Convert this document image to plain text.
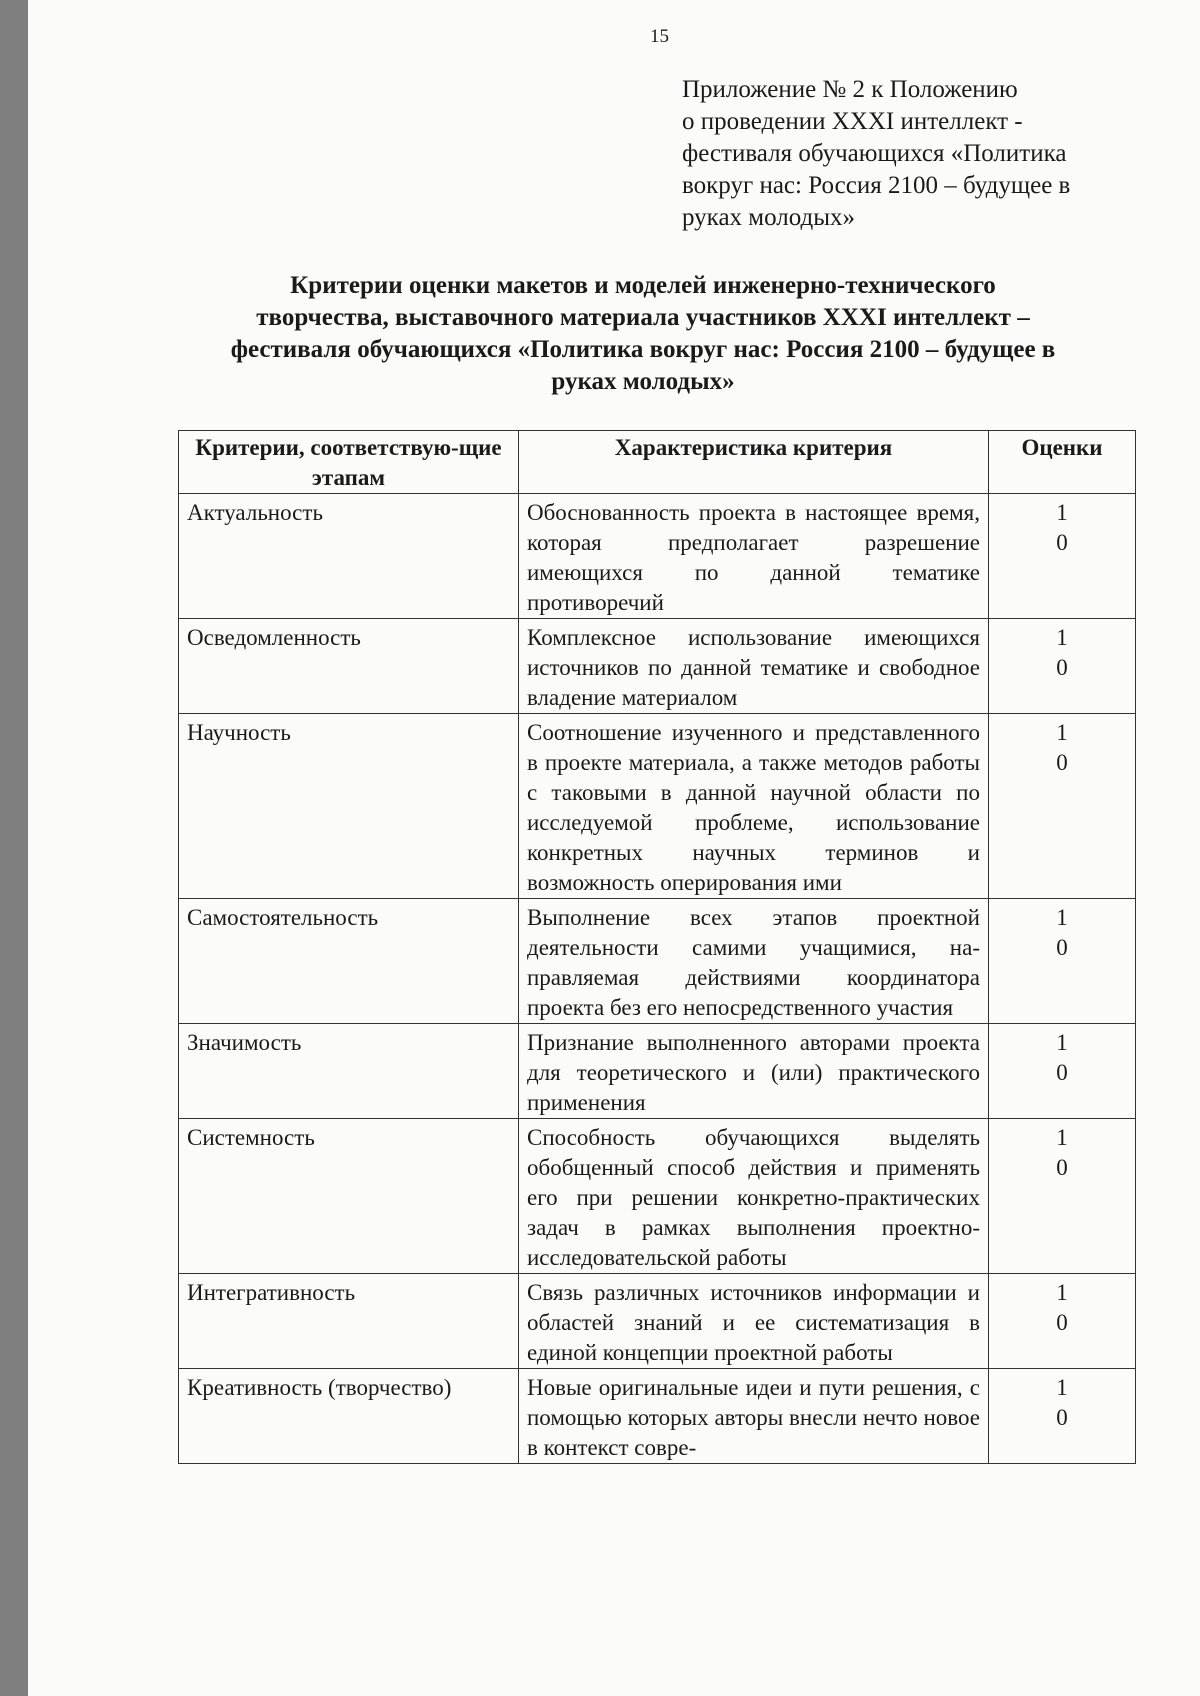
15
Приложение № 2 к Положению
о проведении XXXI интеллект -
фестиваля обучающихся «Политика
вокруг нас: Россия 2100 – будущее в
руках молодых»
Критерии оценки макетов и моделей инженерно-технического
творчества, выставочного материала участников XXXI интеллект –
фестиваля обучающихся «Политика вокруг нас: Россия 2100 – будущее в
руках молодых»
Критерии, соответствую-щие этапам	Характеристика критерия	Оценки
Актуальность	Обоснованность проекта в настоящее время, которая предполагает разрешение имеющихся по данной тематике противоречий	1
0

Осведомленность	Комплексное использование имеющихся источников по данной тематике и свободное владение материалом	1
0

Научность	Соотношение изученного и представленного в проекте материала, а также методов работы с таковыми в данной научной области по исследуемой проблеме, использование конкретных научных терминов и возможность оперирования ими	1
0

Самостоятельность	Выполнение всех этапов проектной деятельности самими учащимися, направляемая действиями координатора проекта без его непосредственного участия	1
0

Значимость	Признание выполненного авторами проекта для теоретического и (или) практического применения	1
0

Системность	Способность обучающихся выделять обобщенный способ действия и применять его при решении конкретно-практических задач в рамках выполнения проектно-исследовательской работы	1
0

Интегративность	Связь различных источников информации и областей знаний и ее систематизация в единой концепции проектной работы	1
0

Креативность (творчество)	Новые оригинальные идеи и пути решения, с помощью которых авторы внесли нечто новое в контекст совре-	1
0
